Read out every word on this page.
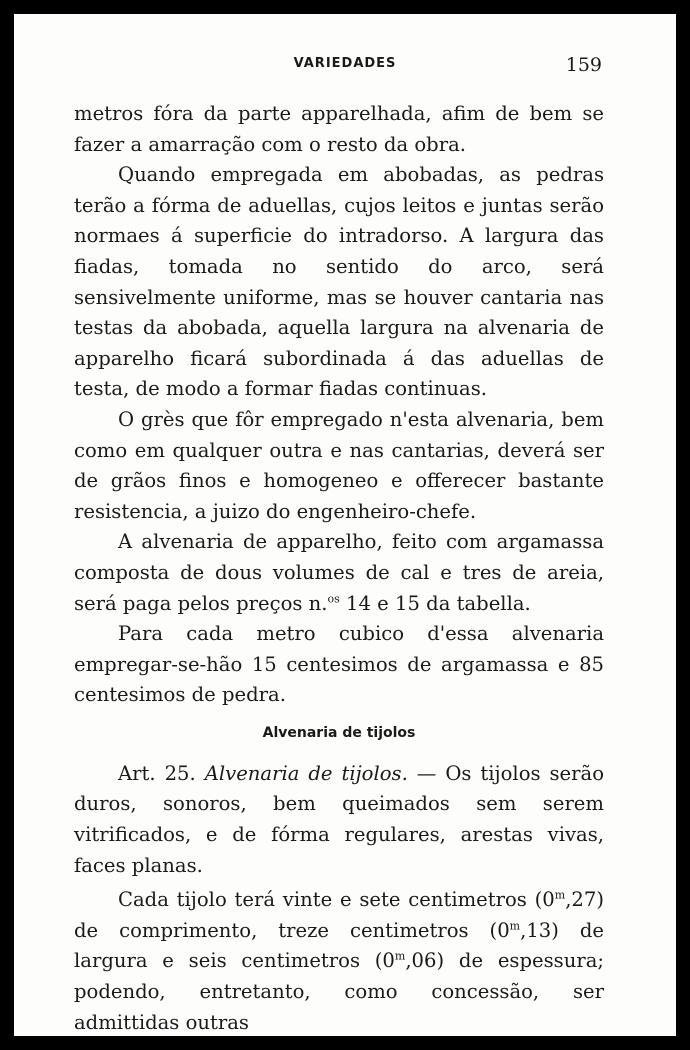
VARIEDADES	159

metros fóra da parte apparelhada, afim de bem se fazer a amarração com o resto da obra.

Quando empregada em abobadas, as pedras terão a fórma de aduellas, cujos leitos e juntas serão normaes á superficie do intradorso. A largura das fiadas, tomada no sentido do arco, será sensivelmente uniforme, mas se houver cantaria nas testas da abobada, aquella largura na alvenaria de apparelho ficará subordinada á das aduellas de testa, de modo a formar fiadas continuas.

O grès que fôr empregado n'esta alvenaria, bem como em qualquer outra e nas cantarias, deverá ser de grãos finos e homogeneo e offerecer bastante resistencia, a juizo do engenheiro-chefe.

A alvenaria de apparelho, feito com argamassa composta de dous volumes de cal e tres de areia, será paga pelos preços n.$^{os}$ 14 e 15 da tabella.

Para cada metro cubico d'essa alvenaria empregar-se-hão 15 centesimos de argamassa e 85 centesimos de pedra.

Alvenaria de tijolos

Art. 25. Alvenaria de tijolos. — Os tijolos serão duros, sonoros, bem queimados sem serem vitrificados, e de fórma regulares, arestas vivas, faces planas.

Cada tijolo terá vinte e sete centimetros (0$^m$,27) de comprimento, treze centimetros (0$^m$,13) de largura e seis centimetros (0$^m$,06) de espessura; podendo, entretanto, como concessão, ser admittidas outras
